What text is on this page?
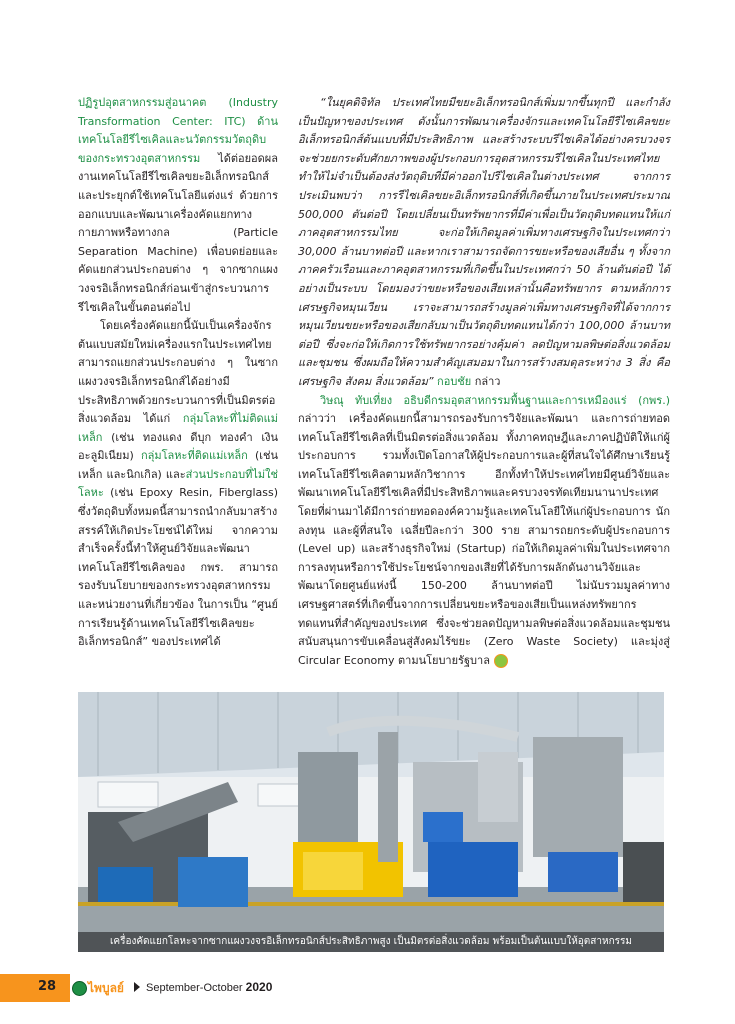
ปฏิรูปอุตสาหกรรมสู่อนาคต (Industry Transformation Center: ITC) ด้านเทคโนโลยีรีไซเคิลและนวัตกรรมวัตถุดิบของกระทรวงอุตสาหกรรม ได้ต่อยอดผลงานเทคโนโลยีรีไซเคิลขยะอิเล็กทรอนิกส์และประยุกต์ใช้เทคโนโลยีแต่งแร่ ด้วยการออกแบบและพัฒนาเครื่องคัดแยกทางกายภาพหรือทางกล (Particle Separation Machine) เพื่อบดย่อยและคัดแยกส่วนประกอบต่าง ๆ จากซากแผงวงจรอิเล็กทรอนิกส์ก่อนเข้าสู่กระบวนการรีไซเคิลในขั้นตอนต่อไป

โดยเครื่องคัดแยกนี้นับเป็นเครื่องจักรต้นแบบสมัยใหม่เครื่องแรกในประเทศไทย สามารถแยกส่วนประกอบต่าง ๆ ในซากแผงวงจรอิเล็กทรอนิกส์ได้อย่างมีประสิทธิภาพด้วยกระบวนการที่เป็นมิตรต่อสิ่งแวดล้อม ได้แก่ กลุ่มโลหะที่ไม่ติดแม่เหล็ก (เช่น ทองแดง ดีบุก ทองคำ เงิน อะลูมิเนียม) กลุ่มโลหะที่ติดแม่เหล็ก (เช่น เหล็ก และนิกเกิล) และส่วนประกอบที่ไม่ใช่โลหะ (เช่น Epoxy Resin, Fiberglass) ซึ่งวัตถุดิบทั้งหมดนี้สามารถนำกลับมาสร้างสรรค์ให้เกิดประโยชน์ได้ใหม่ จากความสำเร็จครั้งนี้ทำให้ศูนย์วิจัยและพัฒนาเทคโนโลยีรีไซเคิลของ กพร. สามารถรองรับนโยบายของกระทรวงอุตสาหกรรม และหน่วยงานที่เกี่ยวข้อง ในการเป็น “ศูนย์การเรียนรู้ด้านเทคโนโลยีรีไซเคิลขยะอิเล็กทรอนิกส์” ของประเทศได้

“ในยุคดิจิทัล ประเทศไทยมีขยะอิเล็กทรอนิกส์เพิ่มมากขึ้นทุกปี และกำลังเป็นปัญหาของประเทศ ดังนั้นการพัฒนาเครื่องจักรและเทคโนโลยีรีไซเคิลขยะอิเล็กทรอนิกส์ต้นแบบที่มีประสิทธิภาพ และสร้างระบบรีไซเคิลได้อย่างครบวงจรจะช่วยยกระดับศักยภาพของผู้ประกอบการอุตสาหกรรมรีไซเคิลในประเทศไทย ทำให้ไม่จำเป็นต้องส่งวัตถุดิบที่มีค่าออกไปรีไซเคิลในต่างประเทศ จากการประเมินพบว่า การรีไซเคิลขยะอิเล็กทรอนิกส์ที่เกิดขึ้นภายในประเทศประมาณ 500,000 ตันต่อปี โดยเปลี่ยนเป็นทรัพยากรที่มีค่าเพื่อเป็นวัตถุดิบทดแทนให้แก่ภาคอุตสาหกรรมไทย จะก่อให้เกิดมูลค่าเพิ่มทางเศรษฐกิจในประเทศกว่า 30,000 ล้านบาทต่อปี และหากเราสามารถจัดการขยะหรือของเสียอื่น ๆ ทั้งจากภาคครัวเรือนและภาคอุตสาหกรรมที่เกิดขึ้นในประเทศกว่า 50 ล้านตันต่อปี ได้อย่างเป็นระบบ โดยมองว่าขยะหรือของเสียเหล่านั้นคือทรัพยากร ตามหลักการเศรษฐกิจหมุนเวียน เราจะสามารถสร้างมูลค่าเพิ่มทางเศรษฐกิจที่ได้จากการหมุนเวียนขยะหรือของเสียกลับมาเป็นวัตถุดิบทดแทนได้กว่า 100,000 ล้านบาทต่อปี ซึ่งจะก่อให้เกิดการใช้ทรัพยากรอย่างคุ้มค่า ลดปัญหามลพิษต่อสิ่งแวดล้อมและชุมชน ซึ่งผมถือให้ความสำคัญเสมอมาในการสร้างสมดุลระหว่าง 3 สิ่ง คือ เศรษฐกิจ สังคม สิ่งแวดล้อม” กอบชัย กล่าว

วิษณุ ทับเที่ยง อธิบดีกรมอุตสาหกรรมพื้นฐานและการเหมืองแร่ (กพร.) กล่าวว่า เครื่องคัดแยกนี้สามารถรองรับการวิจัยและพัฒนา และการถ่ายทอดเทคโนโลยีรีไซเคิลที่เป็นมิตรต่อสิ่งแวดล้อม ทั้งภาคทฤษฎีและภาคปฏิบัติให้แก่ผู้ประกอบการ รวมทั้งเปิดโอกาสให้ผู้ประกอบการและผู้ที่สนใจได้ศึกษาเรียนรู้เทคโนโลยีรีไซเคิลตามหลักวิชาการ อีกทั้งทำให้ประเทศไทยมีศูนย์วิจัยและพัฒนาเทคโนโลยีรีไซเคิลที่มีประสิทธิภาพและครบวงจรทัดเทียมนานาประเทศ โดยที่ผ่านมาได้มีการถ่ายทอดองค์ความรู้และเทคโนโลยีให้แก่ผู้ประกอบการ นักลงทุน และผู้ที่สนใจ เฉลี่ยปีละกว่า 300 ราย สามารถยกระดับผู้ประกอบการ (Level up) และสร้างธุรกิจใหม่ (Startup) ก่อให้เกิดมูลค่าเพิ่มในประเทศจากการลงทุนหรือการใช้ประโยชน์จากของเสียที่ได้รับการผลักดันงานวิจัยและพัฒนาโดยศูนย์แห่งนี้ 150-200 ล้านบาทต่อปี ไม่นับรวมมูลค่าทางเศรษฐศาสตร์ที่เกิดขึ้นจากการเปลี่ยนขยะหรือของเสียเป็นแหล่งทรัพยากรทดแทนที่สำคัญของประเทศ ซึ่งจะช่วยลดปัญหามลพิษต่อสิ่งแวดล้อมและชุมชน สนับสนุนการขับเคลื่อนสู่สังคมไร้ขยะ (Zero Waste Society) และมุ่งสู่ Circular Economy ตามนโยบายรัฐบาล

เครื่องคัดแยกโลหะจากซากแผงวงจรอิเล็กทรอนิกส์ประสิทธิภาพสูง เป็นมิตรต่อสิ่งแวดล้อม พร้อมเป็นต้นแบบให้อุตสาหกรรม
28	ไพบูลย์ September-October 2020
